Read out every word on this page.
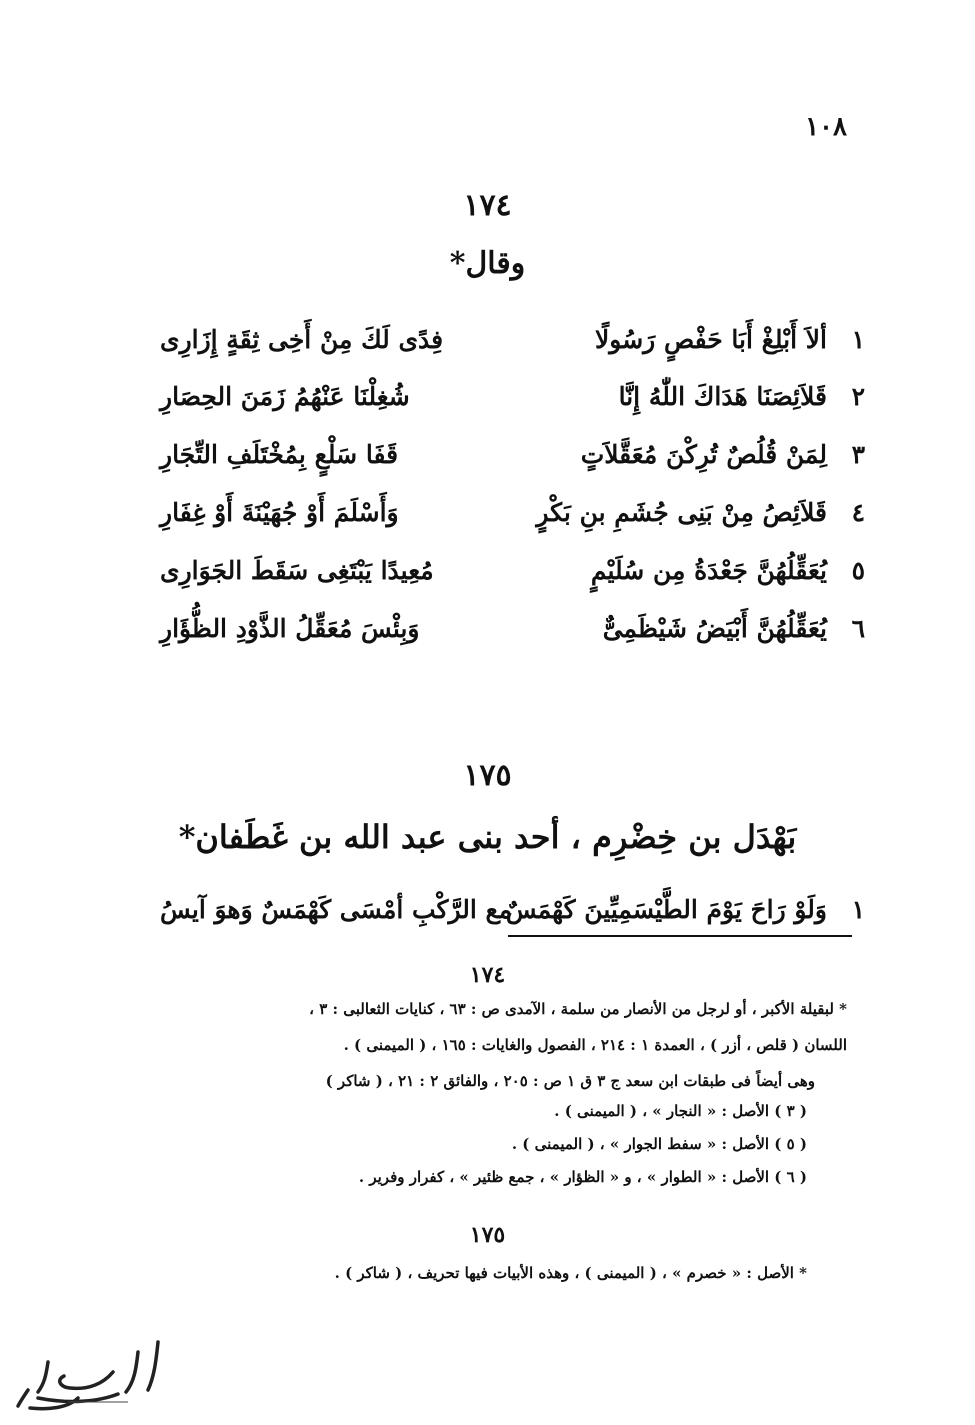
١٠٨
١٧٤
وقال*
١
ألاَ أَبْلِغْ أَبَا حَفْصٍ رَسُولًا
فِدًى لَكَ مِنْ أَخِى ثِقَةٍ إِزَارِى
٢
قَلاَئِصَنَا هَدَاكَ اللّٰهُ إِنَّا
شُغِلْنَا عَنْهُمُ زَمَنَ الحِصَارِ
٣
لِمَنْ قُلُصٌ تُرِكْنَ مُعَقَّلاَتٍ
قَفَا سَلْعٍ بِمُخْتَلَفِ التِّجَارِ
٤
قَلاَئِصُ مِنْ بَنِى جُشَمِ بنِ بَكْرٍ
وَأَسْلَمَ أَوْ جُهَيْنَةَ أَوْ غِفَارِ
٥
يُعَقِّلُهُنَّ جَعْدَةُ مِن سُلَيْمٍ
مُعِيدًا يَبْتَغِى سَقَطَ الجَوَارِى
٦
يُعَقِّلُهُنَّ أَبْيَضُ شَيْظَمِىٌّ
وَبِئْسَ مُعَقِّلُ الذَّوْدِ الظُّؤَارِ
١٧٥
بَهْدَل بن خِضْرِم ، أحد بنى عبد الله بن غَطَفان*
١
وَلَوْ رَاحَ يَوْمَ الطَّيْسَمِيِّينَ كَهْمَسٌ
مع الرَّكْبِ أمْسَى كَهْمَسٌ وَهوَ آيسُ
١٧٤
* لبقيلة الأكبر ، أو لرجل من الأنصار من سلمة ، الآمدى ص : ٦٣ ، كنايات الثعالبى : ٣ ،
اللسان ( قلص ، أزر ) ، العمدة ١ : ٢١٤ ، الفصول والغايات : ١٦٥ ، ( الميمنى ) .
وهى أيضاً فى طبقات ابن سعد ج ٣ ق ١ ص : ٢٠٥ ، والفائق ٢ : ٢١ ، ( شاكر )
( ٣ ) الأصل : « النجار » ، ( الميمنى ) .
( ٥ ) الأصل : « سفط الجوار » ، ( الميمنى ) .
( ٦ ) الأصل : « الطوار » ، و « الظؤار » ، جمع ظئير » ، كفرار وفرير .
١٧٥
* الأصل : « خصرم » ، ( الميمنى ) ، وهذه الأبيات فيها تحريف ، ( شاكر ) .
